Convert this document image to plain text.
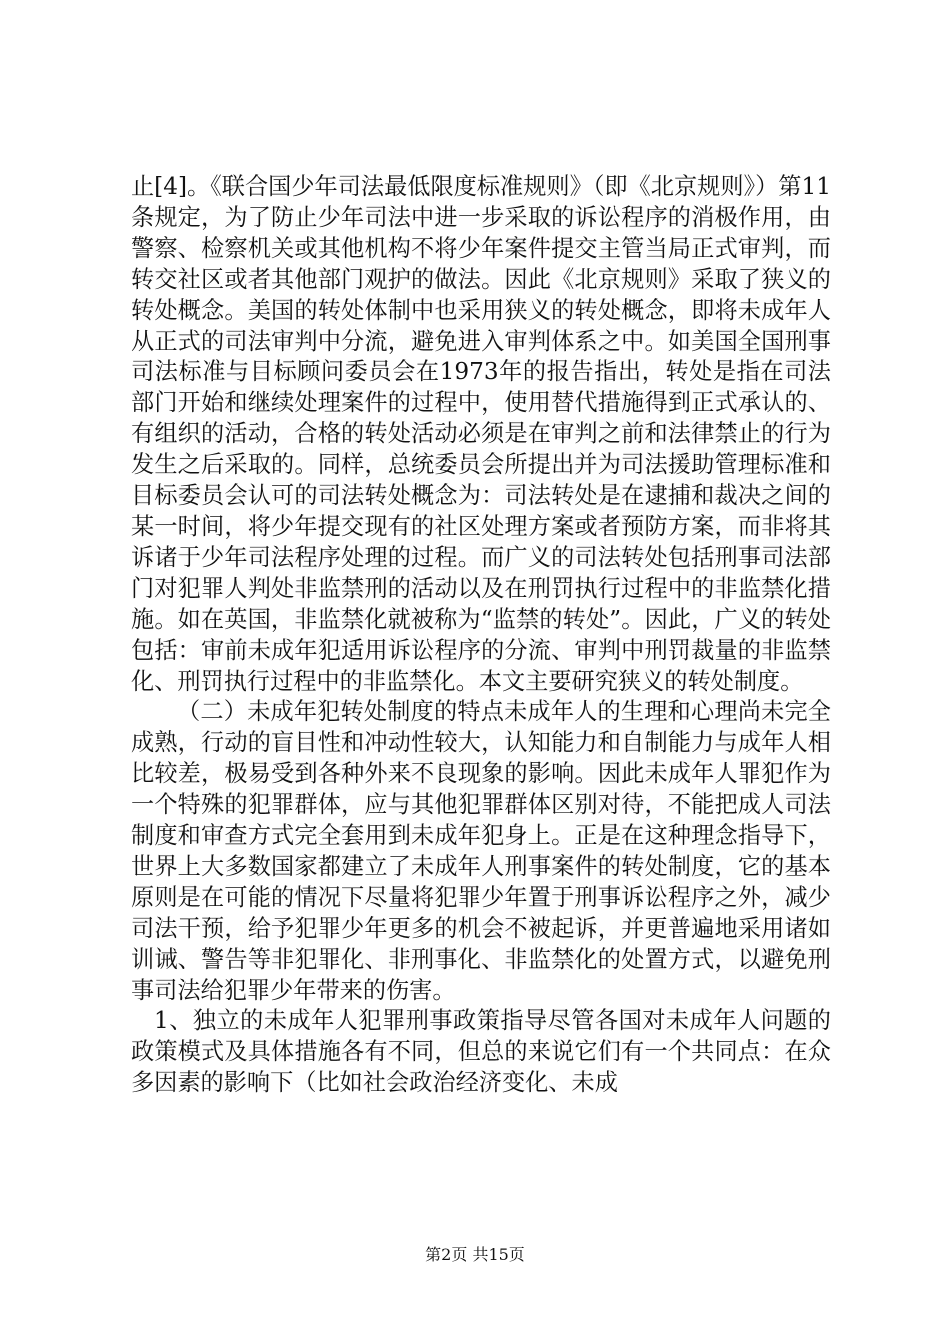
止[4]。《联合国少年司法最低限度标准规则》（即《北京规则》）第11条规定，为了防止少年司法中进一步采取的诉讼程序的消极作用，由警察、检察机关或其他机构不将少年案件提交主管当局正式审判，而转交社区或者其他部门观护的做法。因此《北京规则》采取了狭义的转处概念。美国的转处体制中也采用狭义的转处概念，即将未成年人从正式的司法审判中分流，避免进入审判体系之中。如美国全国刑事司法标准与目标顾问委员会在1973年的报告指出，转处是指在司法部门开始和继续处理案件的过程中，使用替代措施得到正式承认的、有组织的活动，合格的转处活动必须是在审判之前和法律禁止的行为发生之后采取的。同样，总统委员会所提出并为司法援助管理标准和目标委员会认可的司法转处概念为：司法转处是在逮捕和裁决之间的某一时间，将少年提交现有的社区处理方案或者预防方案，而非将其诉诸于少年司法程序处理的过程。而广义的司法转处包括刑事司法部门对犯罪人判处非监禁刑的活动以及在刑罚执行过程中的非监禁化措施。如在英国，非监禁化就被称为“监禁的转处”。因此，广义的转处包括：审前未成年犯适用诉讼程序的分流、审判中刑罚裁量的非监禁化、刑罚执行过程中的非监禁化。本文主要研究狭义的转处制度。

（二）未成年犯转处制度的特点未成年人的生理和心理尚未完全成熟，行动的盲目性和冲动性较大，认知能力和自制能力与成年人相比较差，极易受到各种外来不良现象的影响。因此未成年人罪犯作为一个特殊的犯罪群体，应与其他犯罪群体区别对待，不能把成人司法制度和审查方式完全套用到未成年犯身上。正是在这种理念指导下，世界上大多数国家都建立了未成年人刑事案件的转处制度，它的基本原则是在可能的情况下尽量将犯罪少年置于刑事诉讼程序之外，减少司法干预，给予犯罪少年更多的机会不被起诉，并更普遍地采用诸如训诫、警告等非犯罪化、非刑事化、非监禁化的处置方式，以避免刑事司法给犯罪少年带来的伤害。

1、独立的未成年人犯罪刑事政策指导尽管各国对未成年人问题的政策模式及具体措施各有不同，但总的来说它们有一个共同点：在众多因素的影响下（比如社会政治经济变化、未成

第2页 共15页
